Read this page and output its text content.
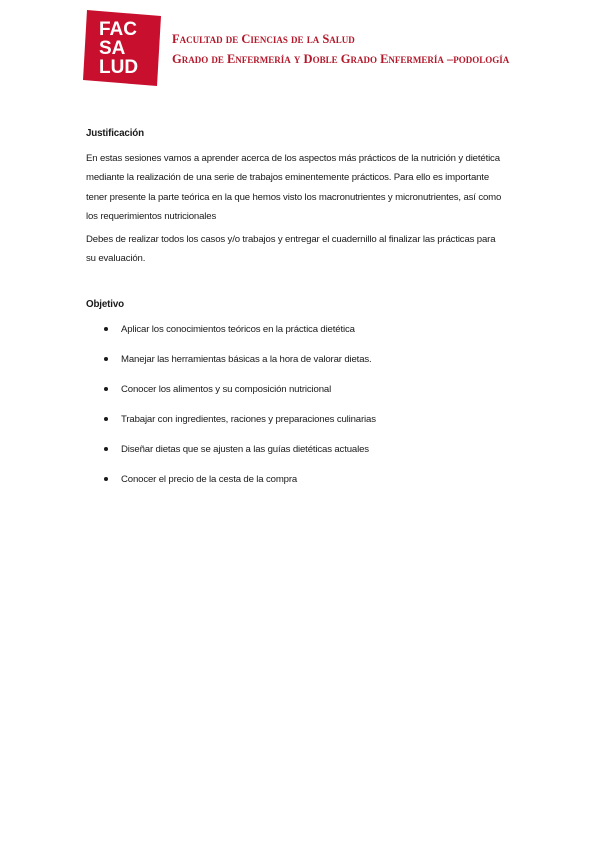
FAC
SA
LUD
Facultad de Ciencias de la Salud
Grado de Enfermería y Doble Grado Enfermería –podología

Justificación

En estas sesiones vamos a aprender acerca de los aspectos más prácticos de la nutrición y dietética
mediante la realización de una serie de trabajos eminentemente prácticos. Para ello es importante
tener presente la parte teórica en la que hemos visto los macronutrientes y micronutrientes, así como
los requerimientos nutricionales
Debes de realizar todos los casos y/o trabajos y entregar el cuadernillo al finalizar las prácticas para
su evaluación.

Objetivo

Aplicar los conocimientos teóricos en la práctica dietética
Manejar las herramientas básicas a la hora de valorar dietas.
Conocer los alimentos y su composición nutricional
Trabajar con ingredientes, raciones y preparaciones culinarias
Diseñar dietas que se ajusten a las guías dietéticas actuales
Conocer el precio de la cesta de la compra
